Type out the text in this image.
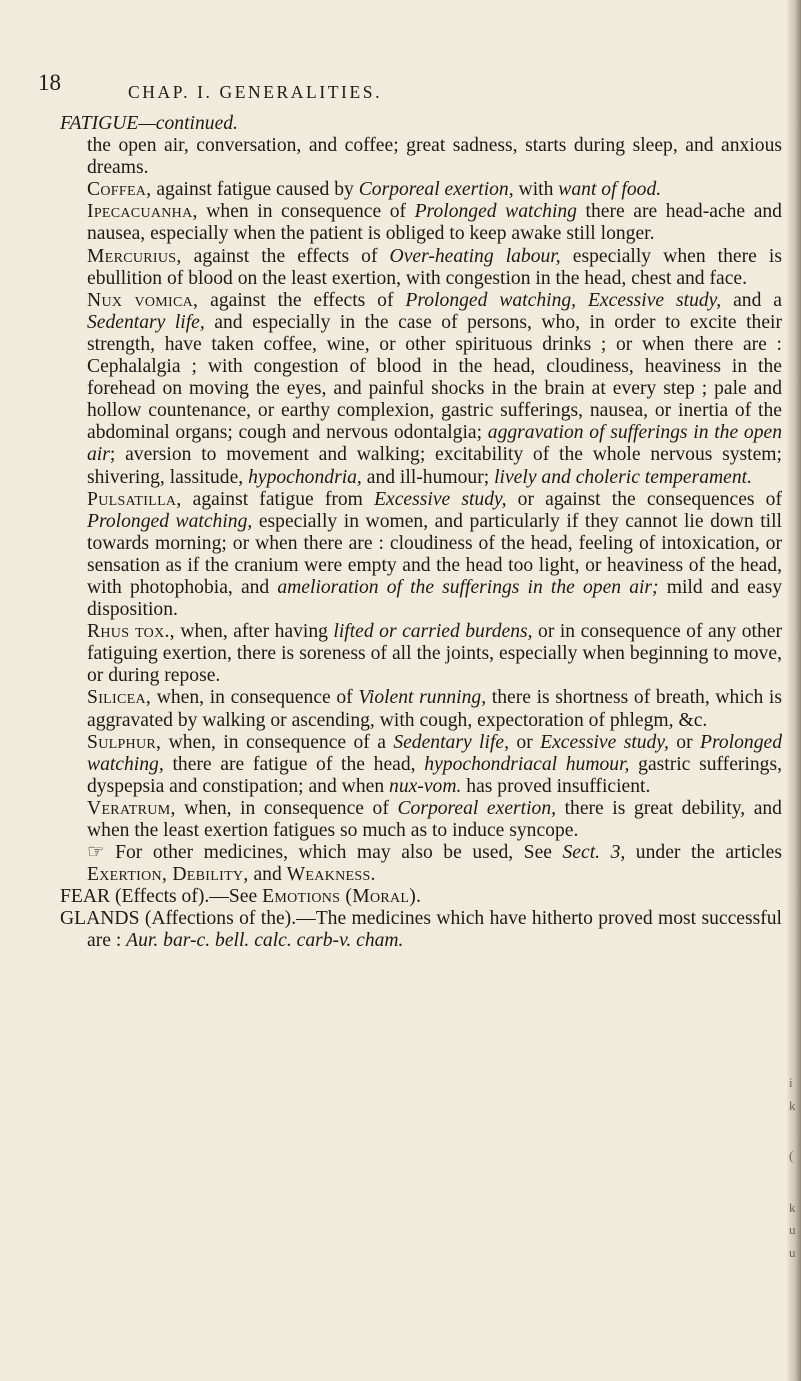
i
k
(
k
u
u
18	CHAP. I. GENERALITIES.

FATIGUE—continued.

the open air, conversation, and coffee; great sadness, starts during sleep, and anxious dreams.

Coffea, against fatigue caused by Corporeal exertion, with want of food.

Ipecacuanha, when in consequence of Prolonged watching there are head-ache and nausea, especially when the patient is obliged to keep awake still longer.

Mercurius, against the effects of Over-heating labour, especially when there is ebullition of blood on the least exertion, with congestion in the head, chest and face.

Nux vomica, against the effects of Prolonged watching, Excessive study, and a Sedentary life, and especially in the case of persons, who, in order to excite their strength, have taken coffee, wine, or other spirituous drinks ; or when there are : Cephalalgia ; with congestion of blood in the head, cloudiness, heaviness in the forehead on moving the eyes, and painful shocks in the brain at every step ; pale and hollow countenance, or earthy complexion, gastric sufferings, nausea, or inertia of the abdominal organs; cough and nervous odontalgia; aggravation of sufferings in the open air; aversion to movement and walking; excitability of the whole nervous system; shivering, lassitude, hypochondria, and ill-humour; lively and choleric temperament.

Pulsatilla, against fatigue from Excessive study, or against the consequences of Prolonged watching, especially in women, and particularly if they cannot lie down till towards morning; or when there are : cloudiness of the head, feeling of intoxication, or sensation as if the cranium were empty and the head too light, or heaviness of the head, with photophobia, and amelioration of the sufferings in the open air; mild and easy disposition.

Rhus tox., when, after having lifted or carried burdens, or in consequence of any other fatiguing exertion, there is soreness of all the joints, especially when beginning to move, or during repose.

Silicea, when, in consequence of Violent running, there is shortness of breath, which is aggravated by walking or ascending, with cough, expectoration of phlegm, &c.

Sulphur, when, in consequence of a Sedentary life, or Excessive study, or Prolonged watching, there are fatigue of the head, hypochondriacal humour, gastric sufferings, dyspepsia and constipation; and when nux-vom. has proved insufficient.

Veratrum, when, in consequence of Corporeal exertion, there is great debility, and when the least exertion fatigues so much as to induce syncope.

☞ For other medicines, which may also be used, See Sect. 3, under the articles Exertion, Debility, and Weakness.

FEAR (Effects of).—See Emotions (Moral).

GLANDS (Affections of the).—The medicines which have hitherto proved most successful are : Aur. bar-c. bell. calc. carb-v. cham.
